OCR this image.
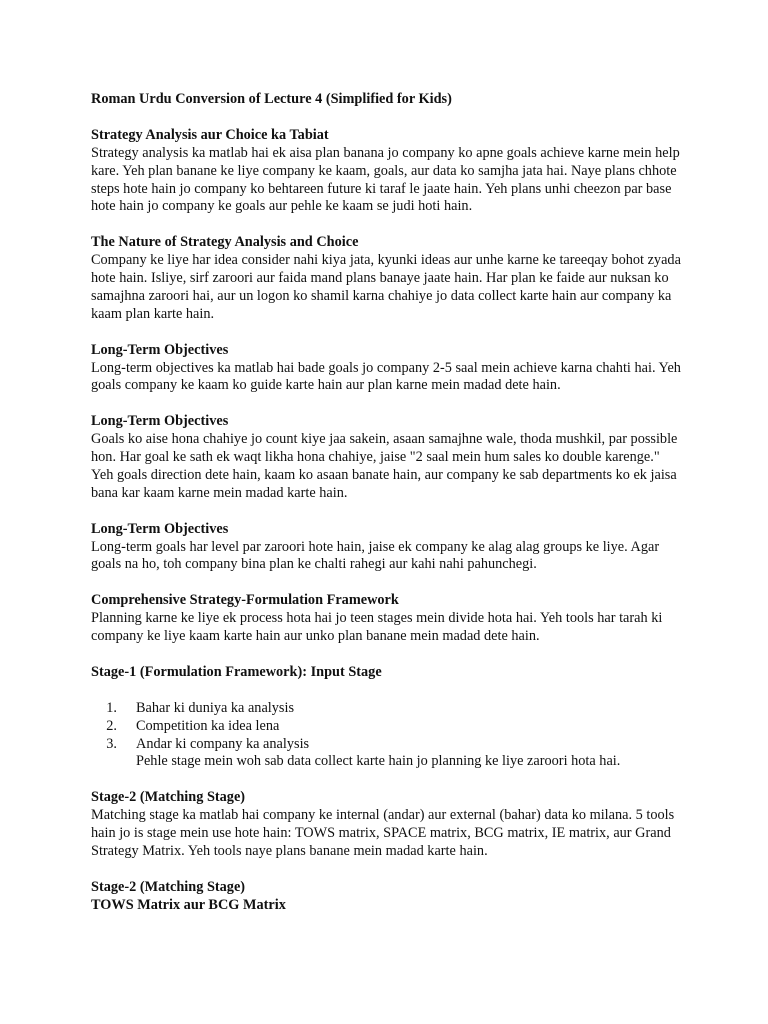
Roman Urdu Conversion of Lecture 4 (Simplified for Kids)

Strategy Analysis aur Choice ka Tabiat

Strategy analysis ka matlab hai ek aisa plan banana jo company ko apne goals achieve karne mein help kare. Yeh plan banane ke liye company ke kaam, goals, aur data ko samjha jata hai. Naye plans chhote steps hote hain jo company ko behtareen future ki taraf le jaate hain. Yeh plans unhi cheezon par base hote hain jo company ke goals aur pehle ke kaam se judi hoti hain.

The Nature of Strategy Analysis and Choice

Company ke liye har idea consider nahi kiya jata, kyunki ideas aur unhe karne ke tareeqay bohot zyada hote hain. Isliye, sirf zaroori aur faida mand plans banaye jaate hain. Har plan ke faide aur nuksan ko samajhna zaroori hai, aur un logon ko shamil karna chahiye jo data collect karte hain aur company ka kaam plan karte hain.

Long-Term Objectives

Long-term objectives ka matlab hai bade goals jo company 2-5 saal mein achieve karna chahti hai. Yeh goals company ke kaam ko guide karte hain aur plan karne mein madad dete hain.

Long-Term Objectives

Goals ko aise hona chahiye jo count kiye jaa sakein, asaan samajhne wale, thoda mushkil, par possible hon. Har goal ke sath ek waqt likha hona chahiye, jaise "2 saal mein hum sales ko double karenge." Yeh goals direction dete hain, kaam ko asaan banate hain, aur company ke sab departments ko ek jaisa bana kar kaam karne mein madad karte hain.

Long-Term Objectives

Long-term goals har level par zaroori hote hain, jaise ek company ke alag alag groups ke liye. Agar goals na ho, toh company bina plan ke chalti rahegi aur kahi nahi pahunchegi.

Comprehensive Strategy-Formulation Framework

Planning karne ke liye ek process hota hai jo teen stages mein divide hota hai. Yeh tools har tarah ki company ke liye kaam karte hain aur unko plan banane mein madad dete hain.

Stage-1 (Formulation Framework): Input Stage

1.	Bahar ki duniya ka analysis
2.	Competition ka idea lena
3.	Andar ki company ka analysis

Pehle stage mein woh sab data collect karte hain jo planning ke liye zaroori hota hai.

Stage-2 (Matching Stage)

Matching stage ka matlab hai company ke internal (andar) aur external (bahar) data ko milana. 5 tools hain jo is stage mein use hote hain: TOWS matrix, SPACE matrix, BCG matrix, IE matrix, aur Grand Strategy Matrix. Yeh tools naye plans banane mein madad karte hain.

Stage-2 (Matching Stage)

TOWS Matrix aur BCG Matrix
